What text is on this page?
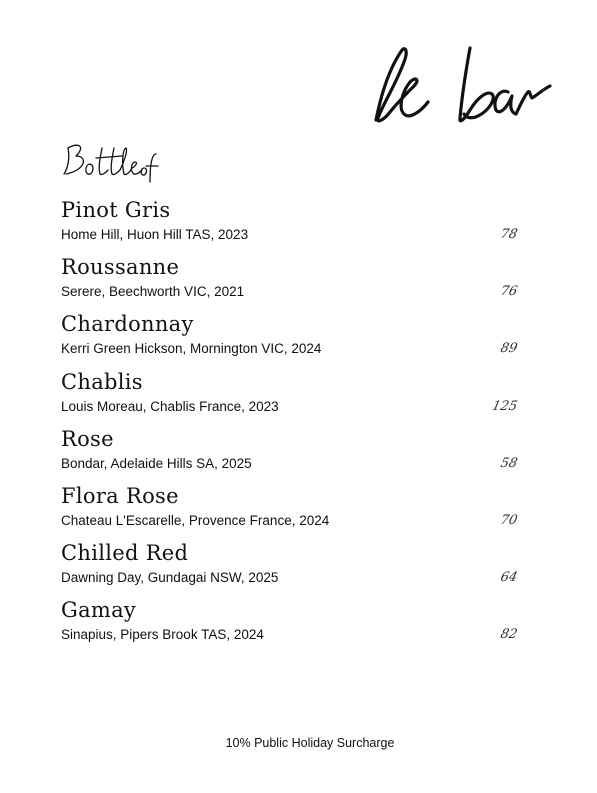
Pinot Gris
Home Hill, Huon Hill TAS, 2023	78
Roussanne
Serere, Beechworth VIC, 2021	76
Chardonnay
Kerri Green Hickson, Mornington VIC, 2024	89
Chablis
Louis Moreau, Chablis France, 2023	125
Rose
Bondar, Adelaide Hills SA, 2025	58
Flora Rose
Chateau L'Escarelle, Provence France, 2024	70
Chilled Red
Dawning Day, Gundagai NSW, 2025	64
Gamay
Sinapius, Pipers Brook TAS, 2024	82
10% Public Holiday Surcharge
